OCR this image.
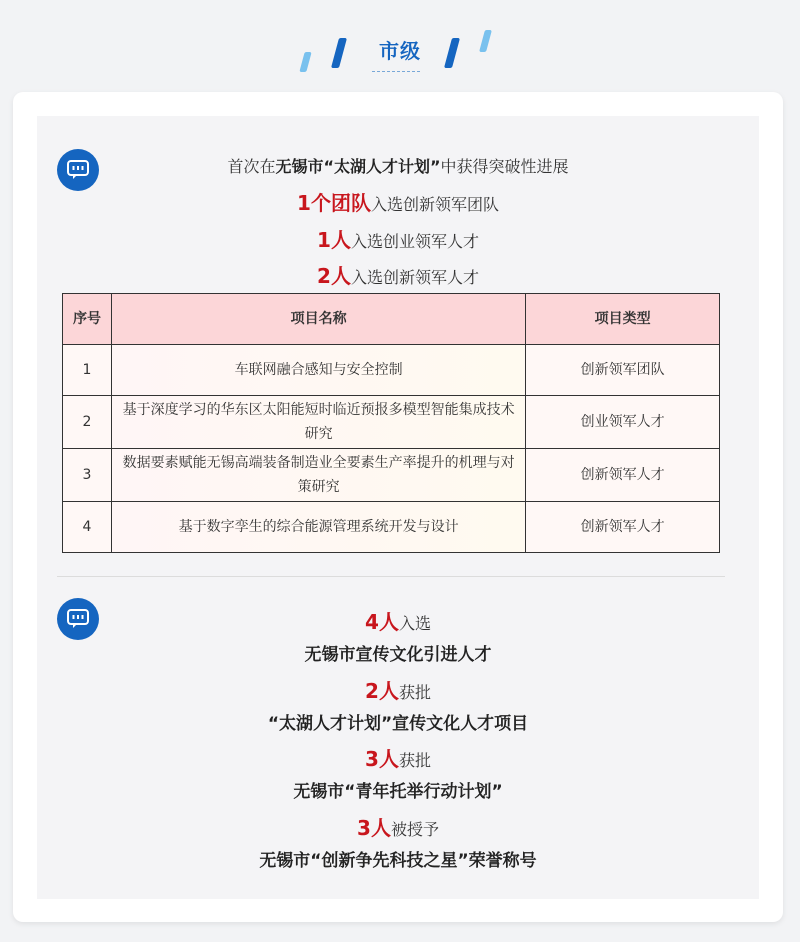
市级
首次在无锡市“太湖人才计划”中获得突破性进展
1个团队入选创新领军团队
1人入选创业领军人才
2人入选创新领军人才
序号	项目名称	项目类型
1	车联网融合感知与安全控制	创新领军团队
2	基于深度学习的华东区太阳能短时临近预报多模型智能集成技术研究	创业领军人才
3	数据要素赋能无锡高端装备制造业全要素生产率提升的机理与对策研究	创新领军人才
4	基于数字孪生的综合能源管理系统开发与设计	创新领军人才
4人入选
无锡市宣传文化引进人才
2人获批
“太湖人才计划”宣传文化人才项目
3人获批
无锡市“青年托举行动计划”
3人被授予
无锡市“创新争先科技之星”荣誉称号
